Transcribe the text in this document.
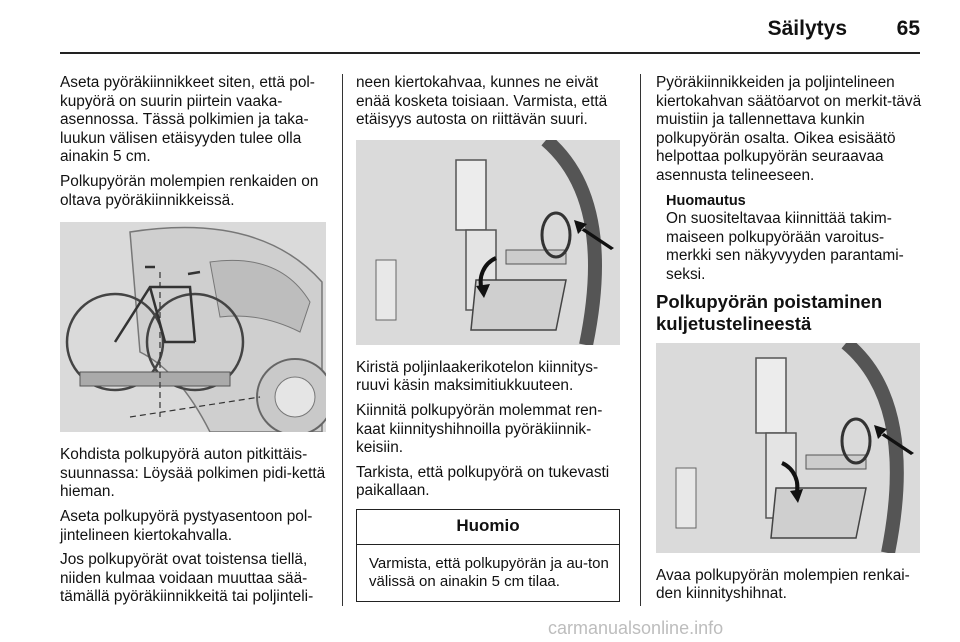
Säilytys 65

Aseta pyöräkiinnikkeet siten, että pol-kupyörä on suurin piirtein vaaka-asennossa. Tässä polkimien ja taka-luukun välisen etäisyyden tulee olla ainakin 5 cm.

Polkupyörän molempien renkaiden on oltava pyöräkiinnikkeissä.

Kohdista polkupyörä auton pitkittäis-suunnassa: Löysää polkimen pidi-kettä hieman.

Aseta polkupyörä pystyasentoon pol-jintelineen kiertokahvalla.

Jos polkupyörät ovat toistensa tiellä, niiden kulmaa voidaan muuttaa sää-tämällä pyöräkiinnikkeitä tai poljinteli-

neen kiertokahvaa, kunnes ne eivät enää kosketa toisiaan. Varmista, että etäisyys autosta on riittävän suuri.

Kiristä poljinlaakerikotelon kiinnitys-ruuvi käsin maksimitiukkuuteen.

Kiinnitä polkupyörän molemmat ren-kaat kiinnityshihnoilla pyöräkiinnik-keisiin.

Tarkista, että polkupyörä on tukevasti paikallaan.

Huomio
Varmista, että polkupyörän ja au-ton välissä on ainakin 5 cm tilaa.

Pyöräkiinnikkeiden ja poljintelineen kiertokahvan säätöarvot on merkit-tävä muistiin ja tallennettava kunkin polkupyörän osalta. Oikea esisäätö helpottaa polkupyörän seuraavaa asennusta telineeseen.

Huomautus
On suositeltavaa kiinnittää takim-maiseen polkupyörään varoitus-merkki sen näkyvyyden parantami-seksi.
Polkupyörän poistaminen kuljetustelineestä

Avaa polkupyörän molempien renkai-den kiinnityshihnat.

carmanualsonline.info
